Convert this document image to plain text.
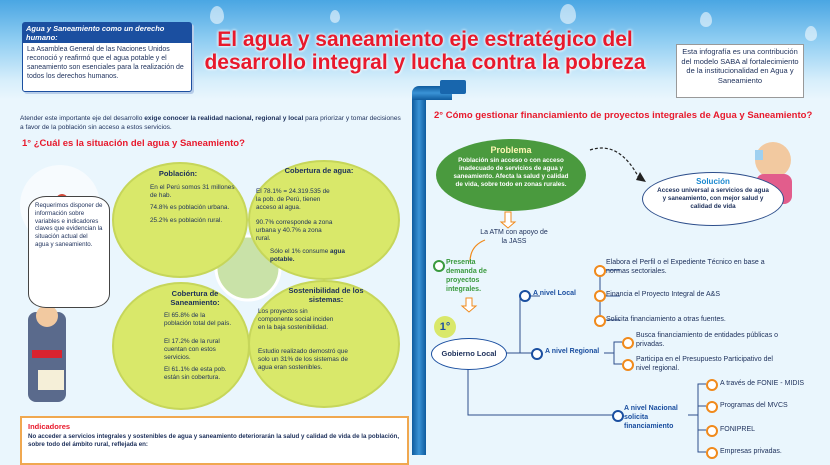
El agua y saneamiento eje estratégico del desarrollo integral y lucha contra la pobreza
Agua y Saneamiento como un derecho humano:
La Asamblea General de las Naciones Unidos reconoció y reafirmó que el agua potable y el saneamiento son esenciales para la realización de todos los derechos humanos.
Esta infografía es una contribución del modelo SABA al fortalecimiento de la institucionalidad en Agua y Saneamiento
Atender este importante eje del desarrollo exige conocer la realidad nacional, regional y local para priorizar y tomar decisiones a favor de la población sin acceso a estos servicios.
1° ¿Cuál es la situación del agua y Saneamiento?
Población:
En el Perú somos 31 millones de hab.
74.8% es población urbana.
25.2% es población rural.
Cobertura de agua:
El 78.1% = 24.319.535 de la pob. de Perú, tienen acceso al agua.
90.7% corresponde a zona urbana y 40.7% a zona rural.
Sólo el 1% consume agua potable.
Cobertura de Saneamiento:
El 65.8% de la población total del país.
El 17.2% de la rural cuentan con estos servicios.
El 61.1% de esta pob. están sin cobertura.
Sostenibilidad de los sistemas:
Los proyectos sin componente social inciden en la baja sostenibilidad.
Estudio realizado demostró que solo un 31% de los sistemas de agua eran sostenibles.
Requerimos disponer de información sobre variables e indicadores claves que evidencian la situación actual del agua y saneamiento.
Indicadores
No acceder a servicios integrales y sostenibles de agua y saneamiento deteriorarán la salud y calidad de vida de la población, sobre todo del ámbito rural, reflejada en:
2° Cómo gestionar financiamiento de proyectos integrales de Agua y Saneamiento?
Problema
Población sin acceso o con acceso inadecuado de servicios de agua y saneamiento. Afecta la salud y calidad de vida, sobre todo en zonas rurales.	Solución
Acceso universal a servicios de agua y saneamiento, con mejor salud y calidad de vida
La ATM con apoyo de la JASS
Presenta demanda de proyectos integrales.
1°
Gobierno Local
A nivel Local
Elabora el Perfil o el Expediente Técnico en base a normas sectoriales.
Financia el Proyecto Integral de A&S
Solicita financiamiento a otras fuentes.
A nivel Regional
Busca financiamiento de entidades públicas o privadas.
Participa en el Presupuesto Participativo del nivel regional.
A nivel Nacional solicita financiamiento
A través de FONIE - MIDIS
Programas del MVCS
FONIPREL
Empresas privadas.
